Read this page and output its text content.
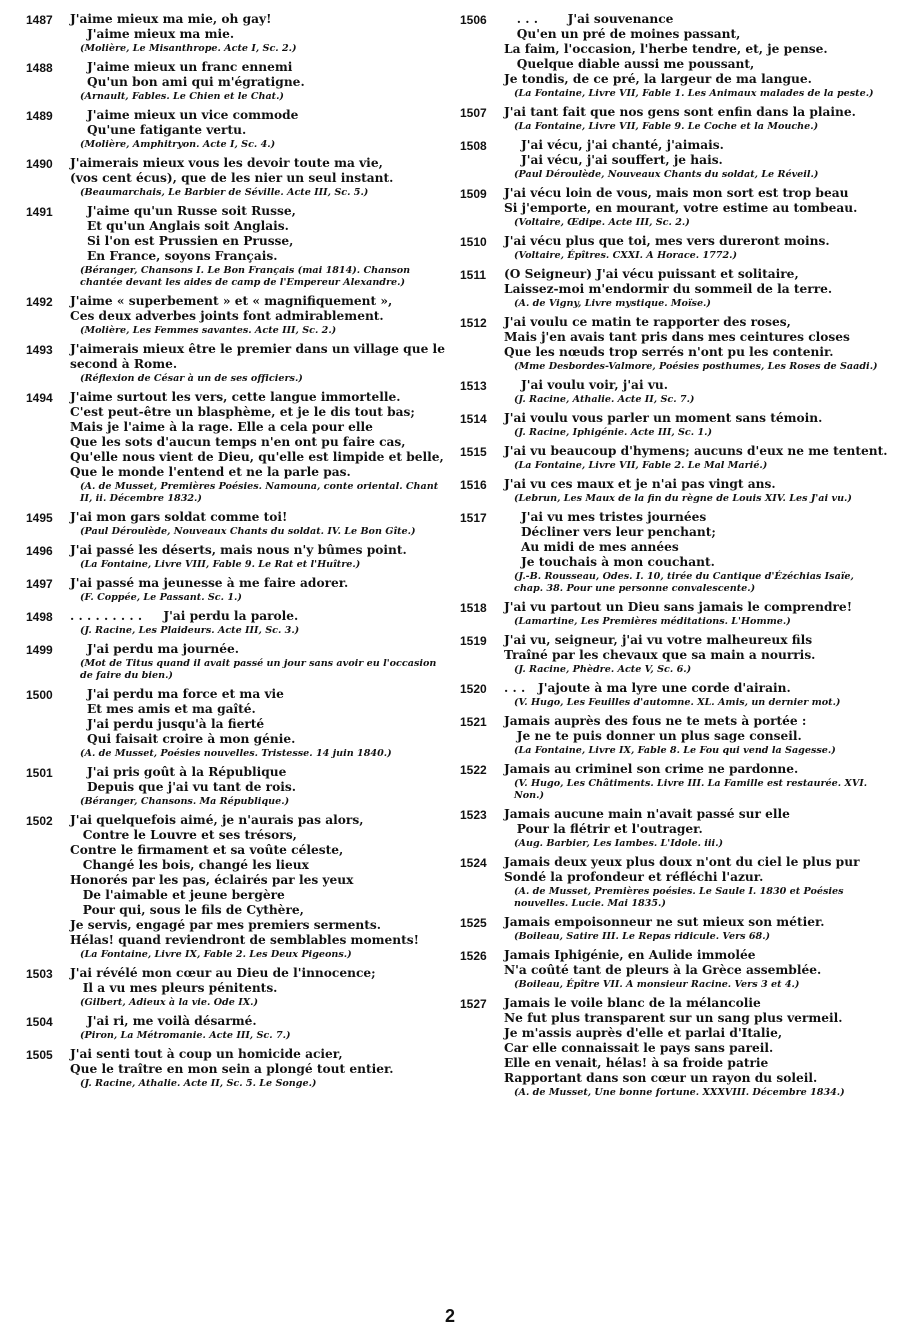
1487	J'aime mieux ma mie, oh gay!
J'aime mieux ma mie.
(Molière, Le Misanthrope. Acte I, Sc. 2.)
1488	J'aime mieux un franc ennemi
Qu'un bon ami qui m'égratigne.
(Arnault, Fables. Le Chien et le Chat.)
1489	J'aime mieux un vice commode
Qu'une fatigante vertu.
(Molière, Amphitryon. Acte I, Sc. 4.)
1490	J'aimerais mieux vous les devoir toute ma vie,
(vos cent écus), que de les nier un seul instant.
(Beaumarchais, Le Barbier de Séville. Acte III, Sc. 5.)
1491	J'aime qu'un Russe soit Russe,
Et qu'un Anglais soit Anglais.
Si l'on est Prussien en Prusse,
En France, soyons Français.
(Béranger, Chansons I. Le Bon Français (mai 1814). Chanson chantée devant les aides de camp de l'Empereur Alexandre.)
1492	J'aime « superbement » et « magnifiquement »,
Ces deux adverbes joints font admirablement.
(Molière, Les Femmes savantes. Acte III, Sc. 2.)
1493	J'aimerais mieux être le premier dans un village que le
second à Rome.
(Réflexion de César à un de ses officiers.)
1494	J'aime surtout les vers, cette langue immortelle.
C'est peut-être un blasphème, et je le dis tout bas;
Mais je l'aime à la rage. Elle a cela pour elle
Que les sots d'aucun temps n'en ont pu faire cas,
Qu'elle nous vient de Dieu, qu'elle est limpide et belle,
Que le monde l'entend et ne la parle pas.
(A. de Musset, Premières Poésies. Namouna, conte oriental. Chant II, ii. Décembre 1832.)
1495	J'ai mon gars soldat comme toi!
(Paul Déroulède, Nouveaux Chants du soldat. IV. Le Bon Gîte.)
1496	J'ai passé les déserts, mais nous n'y bûmes point.
(La Fontaine, Livre VIII, Fable 9. Le Rat et l'Huître.)
1497	J'ai passé ma jeunesse à me faire adorer.
(F. Coppée, Le Passant. Sc. 1.)
1498	. . . . . . . . .     J'ai perdu la parole.
(J. Racine, Les Plaideurs. Acte III, Sc. 3.)
1499	J'ai perdu ma journée.
(Mot de Titus quand il avait passé un jour sans avoir eu l'occasion de faire du bien.)
1500	J'ai perdu ma force et ma vie
Et mes amis et ma gaîté.
J'ai perdu jusqu'à la fierté
Qui faisait croire à mon génie.
(A. de Musset, Poésies nouvelles. Tristesse. 14 juin 1840.)
1501	J'ai pris goût à la République
Depuis que j'ai vu tant de rois.
(Béranger, Chansons. Ma République.)
1502	J'ai quelquefois aimé, je n'aurais pas alors,
Contre le Louvre et ses trésors,
Contre le firmament et sa voûte céleste,
Changé les bois, changé les lieux
Honorés par les pas, éclairés par les yeux
De l'aimable et jeune bergère
Pour qui, sous le fils de Cythère,
Je servis, engagé par mes premiers serments.
Hélas! quand reviendront de semblables moments!
(La Fontaine, Livre IX, Fable 2. Les Deux Pigeons.)
1503	J'ai révélé mon cœur au Dieu de l'innocence;
Il a vu mes pleurs pénitents.
(Gilbert, Adieux à la vie. Ode IX.)
1504	J'ai ri, me voilà désarmé.
(Piron, La Métromanie. Acte III, Sc. 7.)
1505	J'ai senti tout à coup un homicide acier,
Que le traître en mon sein a plongé tout entier.
(J. Racine, Athalie. Acte II, Sc. 5. Le Songe.)
1506	. . .       J'ai souvenance
Qu'en un pré de moines passant,
La faim, l'occasion, l'herbe tendre, et, je pense.
Quelque diable aussi me poussant,
Je tondis, de ce pré, la largeur de ma langue.
(La Fontaine, Livre VII, Fable 1. Les Animaux malades de la peste.)
1507	J'ai tant fait que nos gens sont enfin dans la plaine.
(La Fontaine, Livre VII, Fable 9. Le Coche et la Mouche.)
1508	J'ai vécu, j'ai chanté, j'aimais.
J'ai vécu, j'ai souffert, je hais.
(Paul Déroulède, Nouveaux Chants du soldat, Le Réveil.)
1509	J'ai vécu loin de vous, mais mon sort est trop beau
Si j'emporte, en mourant, votre estime au tombeau.
(Voltaire, Œdipe. Acte III, Sc. 2.)
1510	J'ai vécu plus que toi, mes vers dureront moins.
(Voltaire, Épîtres. CXXI. A Horace. 1772.)
1511	(O Seigneur) J'ai vécu puissant et solitaire,
Laissez-moi m'endormir du sommeil de la terre.
(A. de Vigny, Livre mystique. Moïse.)
1512	J'ai voulu ce matin te rapporter des roses,
Mais j'en avais tant pris dans mes ceintures closes
Que les nœuds trop serrés n'ont pu les contenir.
(Mme Desbordes-Valmore, Poésies posthumes, Les Roses de Saadi.)
1513	J'ai voulu voir, j'ai vu.
(J. Racine, Athalie. Acte II, Sc. 7.)
1514	J'ai voulu vous parler un moment sans témoin.
(J. Racine, Iphigénie. Acte III, Sc. 1.)
1515	J'ai vu beaucoup d'hymens; aucuns d'eux ne me tentent.
(La Fontaine, Livre VII, Fable 2. Le Mal Marié.)
1516	J'ai vu ces maux et je n'ai pas vingt ans.
(Lebrun, Les Maux de la fin du règne de Louis XIV. Les J'ai vu.)
1517	J'ai vu mes tristes journées
Décliner vers leur penchant;
Au midi de mes années
Je touchais à mon couchant.
(J.-B. Rousseau, Odes. I. 10, tirée du Cantique d'Ézéchias Isaïe, chap. 38. Pour une personne convalescente.)
1518	J'ai vu partout un Dieu sans jamais le comprendre!
(Lamartine, Les Premières méditations. L'Homme.)
1519	J'ai vu, seigneur, j'ai vu votre malheureux fils
Traîné par les chevaux que sa main a nourris.
(J. Racine, Phèdre. Acte V, Sc. 6.)
1520	. . .   J'ajoute à ma lyre une corde d'airain.
(V. Hugo, Les Feuilles d'automne. XL. Amis, un dernier mot.)
1521	Jamais auprès des fous ne te mets à portée :
Je ne te puis donner un plus sage conseil.
(La Fontaine, Livre IX, Fable 8. Le Fou qui vend la Sagesse.)
1522	Jamais au criminel son crime ne pardonne.
(V. Hugo, Les Châtiments. Livre III. La Famille est restaurée. XVI. Non.)
1523	Jamais aucune main n'avait passé sur elle
Pour la flétrir et l'outrager.
(Aug. Barbier, Les Iambes. L'Idole. iii.)
1524	Jamais deux yeux plus doux n'ont du ciel le plus pur
Sondé la profondeur et réfléchi l'azur.
(A. de Musset, Premières poésies. Le Saule I. 1830 et Poésies nouvelles. Lucie. Mai 1835.)
1525	Jamais empoisonneur ne sut mieux son métier.
(Boileau, Satire III. Le Repas ridicule. Vers 68.)
1526	Jamais Iphigénie, en Aulide immolée
N'a coûté tant de pleurs à la Grèce assemblée.
(Boileau, Épître VII. A monsieur Racine. Vers 3 et 4.)
1527	Jamais le voile blanc de la mélancolie
Ne fut plus transparent sur un sang plus vermeil.
Je m'assis auprès d'elle et parlai d'Italie,
Car elle connaissait le pays sans pareil.
Elle en venait, hélas! à sa froide patrie
Rapportant dans son cœur un rayon du soleil.
(A. de Musset, Une bonne fortune. XXXVIII. Décembre 1834.)
2
